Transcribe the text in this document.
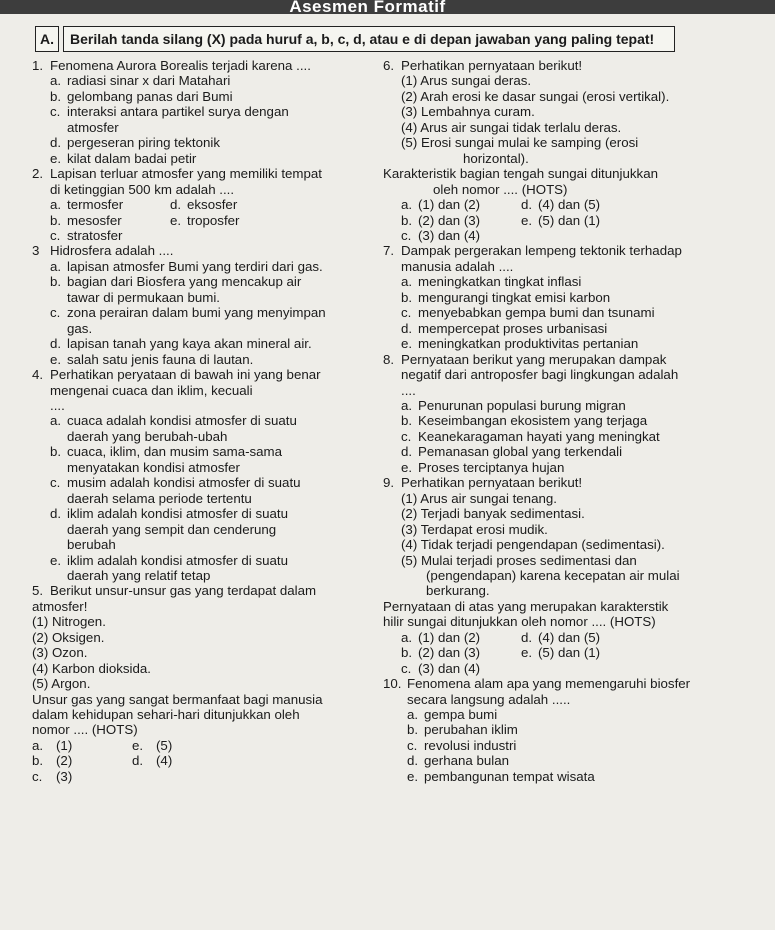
Asesmen Formatif
A.	Berilah tanda silang (X) pada huruf a, b, c, d, atau e di depan jawaban yang paling tepat!
1. Fenomena Aurora Borealis terjadi karena ....
a. radiasi sinar x dari Matahari
b. gelombang panas dari Bumi
c. interaksi antara partikel surya dengan
atmosfer
d. pergeseran piring tektonik
e. kilat dalam badai petir
2. Lapisan terluar atmosfer yang memiliki tempat
di ketinggian 500 km adalah ....
a. termosfer	d. eksosfer
b. mesosfer	e. troposfer
c. stratosfer
3 Hidrosfera adalah ....
a. lapisan atmosfer Bumi yang terdiri dari gas.
b. bagian dari Biosfera yang mencakup air
tawar di permukaan bumi.
c. zona perairan dalam bumi yang menyimpan
gas.
d. lapisan tanah yang kaya akan mineral air.
e. salah satu jenis fauna di lautan.
4. Perhatikan peryataan di bawah ini yang benar
mengenai cuaca dan iklim, kecuali
....
a. cuaca adalah kondisi atmosfer di suatu
daerah yang berubah-ubah
b. cuaca, iklim, dan musim sama-sama
menyatakan kondisi atmosfer
c. musim adalah kondisi atmosfer di suatu
daerah selama periode tertentu
d. iklim adalah kondisi atmosfer di suatu
daerah yang sempit dan cenderung
berubah
e. iklim adalah kondisi atmosfer di suatu
daerah yang relatif tetap
5. Berikut unsur-unsur gas yang terdapat dalam
atmosfer!
(1) Nitrogen.
(2) Oksigen.
(3) Ozon.
(4) Karbon dioksida.
(5) Argon.
Unsur gas yang sangat bermanfaat bagi manusia
dalam kehidupan sehari-hari ditunjukkan oleh
nomor .... (HOTS)
a. (1)	e. (5)
b. (2)	d. (4)
c.	(3)
6. Perhatikan pernyataan berikut!
(1) Arus sungai deras.
(2) Arah erosi ke dasar sungai (erosi vertikal).
(3) Lembahnya curam.
(4) Arus air sungai tidak terlalu deras.
(5) Erosi sungai mulai ke samping (erosi
horizontal).
Karakteristik bagian tengah sungai ditunjukkan
oleh nomor .... (HOTS)
a. (1) dan (2)	d. (4) dan (5)
b. (2) dan (3)	e. (5) dan (1)
c. (3) dan (4)
7. Dampak pergerakan lempeng tektonik terhadap
manusia adalah ....
a. meningkatkan tingkat inflasi
b. mengurangi tingkat emisi karbon
c. menyebabkan gempa bumi dan tsunami
d. mempercepat proses urbanisasi
e. meningkatkan produktivitas pertanian
8. Pernyataan berikut yang merupakan dampak
negatif dari antroposfer bagi lingkungan adalah
....
a. Penurunan populasi burung migran
b. Keseimbangan ekosistem yang terjaga
c. Keanekaragaman hayati yang meningkat
d. Pemanasan global yang terkendali
e. Proses terciptanya hujan
9. Perhatikan pernyataan berikut!
(1) Arus air sungai tenang.
(2) Terjadi banyak sedimentasi.
(3) Terdapat erosi mudik.
(4) Tidak terjadi pengendapan (sedimentasi).
(5) Mulai terjadi proses sedimentasi dan
(pengendapan) karena kecepatan air mulai
berkurang.
Pernyataan di atas yang merupakan karakterstik
hilir sungai ditunjukkan oleh nomor .... (HOTS)
a. (1) dan (2)	d. (4) dan (5)
b. (2) dan (3)	e. (5) dan (1)
c. (3) dan (4)
10. Fenomena alam apa yang memengaruhi biosfer
secara langsung adalah .....
a. gempa bumi
b. perubahan iklim
c. revolusi industri
d. gerhana bulan
e. pembangunan tempat wisata
